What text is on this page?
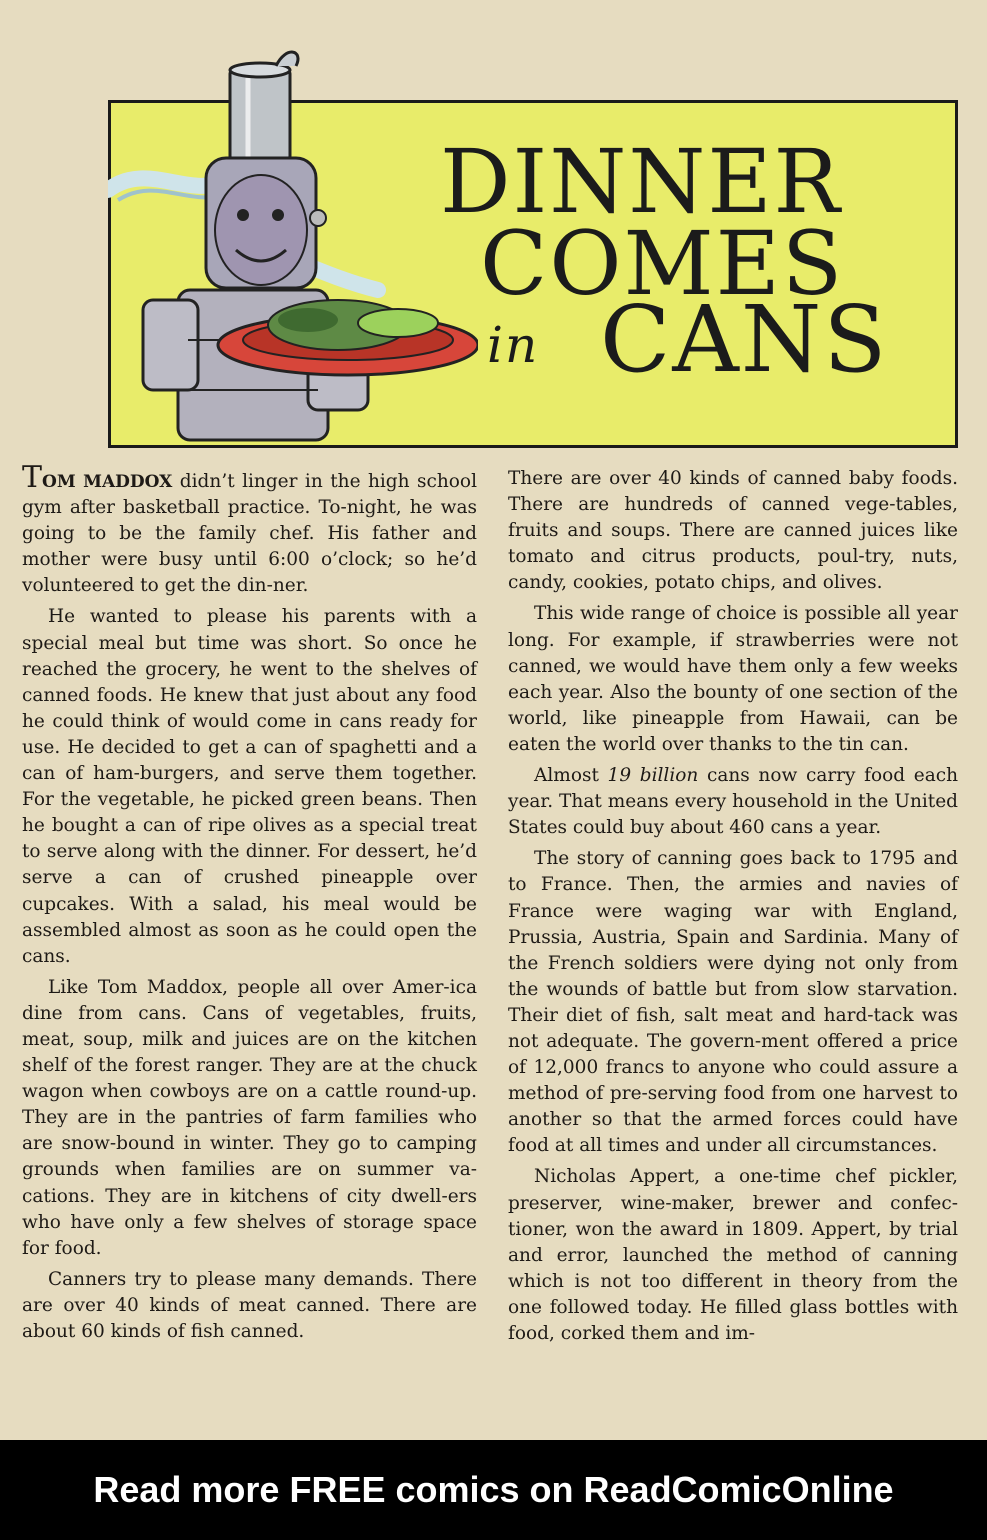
DINNER
COMES
in CANS

TOM MADDOX didn’t linger in the high school gym after basketball practice. To-night, he was going to be the family chef. His father and mother were busy until 6:00 o’clock; so he’d volunteered to get the din-ner.

He wanted to please his parents with a special meal but time was short. So once he reached the grocery, he went to the shelves of canned foods. He knew that just about any food he could think of would come in cans ready for use. He decided to get a can of spaghetti and a can of ham-burgers, and serve them together. For the vegetable, he picked green beans. Then he bought a can of ripe olives as a special treat to serve along with the dinner. For dessert, he’d serve a can of crushed pineapple over cupcakes. With a salad, his meal would be assembled almost as soon as he could open the cans.

Like Tom Maddox, people all over Amer-ica dine from cans. Cans of vegetables, fruits, meat, soup, milk and juices are on the kitchen shelf of the forest ranger. They are at the chuck wagon when cowboys are on a cattle round-up. They are in the pantries of farm families who are snow-bound in winter. They go to camping grounds when families are on summer va-cations. They are in kitchens of city dwell-ers who have only a few shelves of storage space for food.

Canners try to please many demands. There are over 40 kinds of meat canned. There are about 60 kinds of fish canned.

There are over 40 kinds of canned baby foods. There are hundreds of canned vege-tables, fruits and soups. There are canned juices like tomato and citrus products, poul-try, nuts, candy, cookies, potato chips, and olives.

This wide range of choice is possible all year long. For example, if strawberries were not canned, we would have them only a few weeks each year. Also the bounty of one section of the world, like pineapple from Hawaii, can be eaten the world over thanks to the tin can.

Almost 19 billion cans now carry food each year. That means every household in the United States could buy about 460 cans a year.

The story of canning goes back to 1795 and to France. Then, the armies and navies of France were waging war with England, Prussia, Austria, Spain and Sardinia. Many of the French soldiers were dying not only from the wounds of battle but from slow starvation. Their diet of fish, salt meat and hard-tack was not adequate. The govern-ment offered a price of 12,000 francs to anyone who could assure a method of pre-serving food from one harvest to another so that the armed forces could have food at all times and under all circumstances.

Nicholas Appert, a one-time chef pickler, preserver, wine-maker, brewer and confec-tioner, won the award in 1809. Appert, by trial and error, launched the method of canning which is not too different in theory from the one followed today. He filled glass bottles with food, corked them and im-

Read more FREE comics on ReadComicOnline
